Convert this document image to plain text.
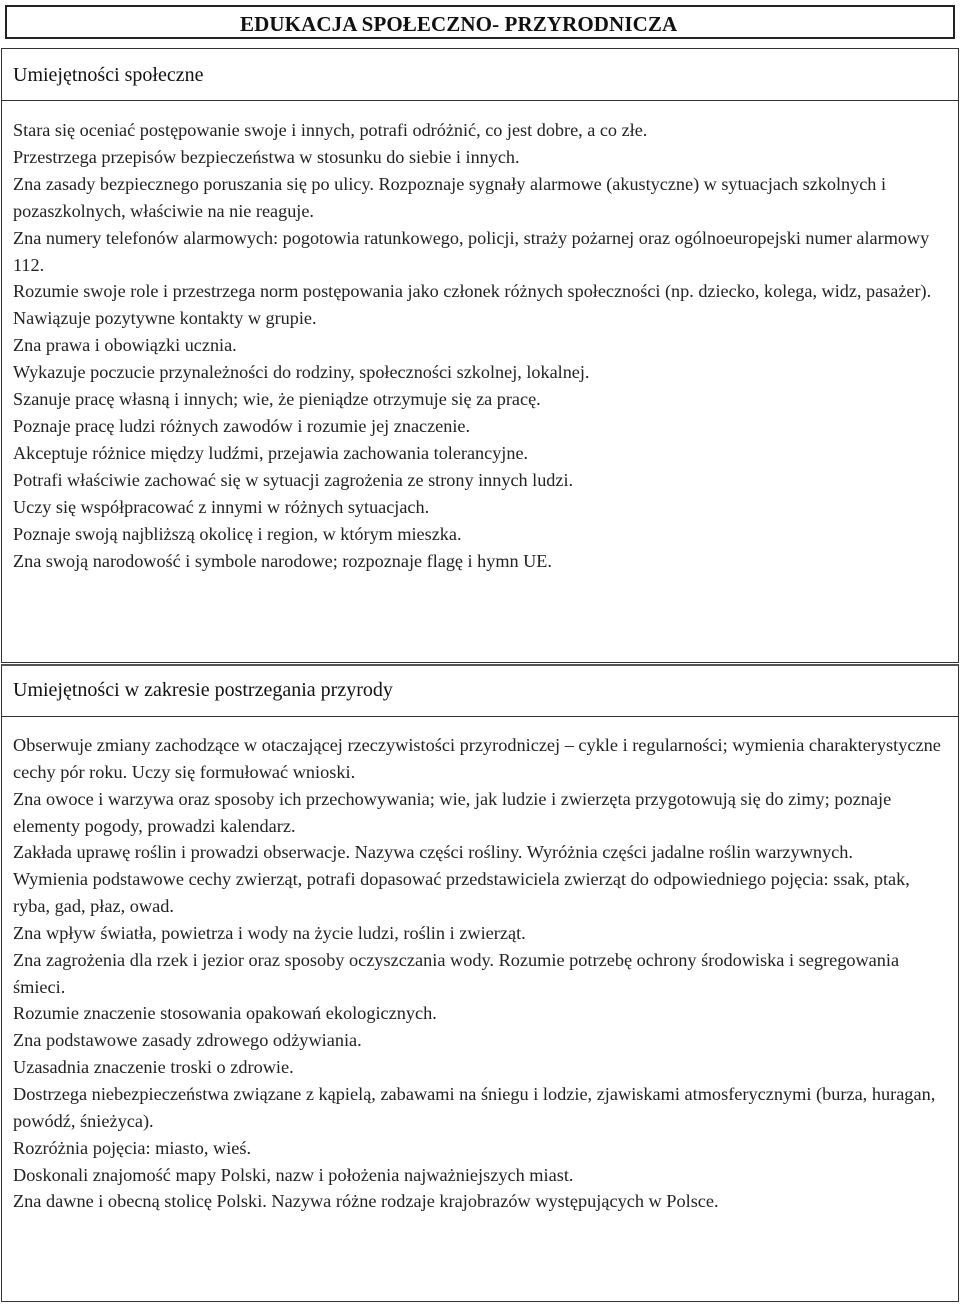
EDUKACJA SPOŁECZNO- PRZYRODNICZA
Umiejętności społeczne
Stara się oceniać postępowanie swoje i innych, potrafi odróżnić, co jest dobre, a co złe.
Przestrzega przepisów bezpieczeństwa w stosunku do siebie i innych.
Zna zasady bezpiecznego poruszania się po ulicy. Rozpoznaje sygnały alarmowe (akustyczne) w sytuacjach szkolnych i pozaszkolnych, właściwie na nie reaguje.
Zna numery telefonów alarmowych: pogotowia ratunkowego, policji, straży pożarnej oraz ogólnoeuropejski numer alarmowy 112.
Rozumie swoje role i przestrzega norm postępowania jako członek różnych społeczności (np. dziecko, kolega, widz, pasażer).
Nawiązuje pozytywne kontakty w grupie.
Zna prawa i obowiązki ucznia.
Wykazuje poczucie przynależności do rodziny, społeczności szkolnej, lokalnej.
Szanuje pracę własną i innych; wie, że pieniądze otrzymuje się za pracę.
Poznaje pracę ludzi różnych zawodów i rozumie jej znaczenie.
Akceptuje różnice między ludźmi, przejawia zachowania tolerancyjne.
Potrafi właściwie zachować się w sytuacji zagrożenia ze strony innych ludzi.
Uczy się współpracować z innymi w różnych sytuacjach.
Poznaje swoją najbliższą okolicę i region, w którym mieszka.
Zna swoją narodowość i symbole narodowe; rozpoznaje flagę i hymn UE.
Umiejętności w zakresie postrzegania przyrody
Obserwuje zmiany zachodzące w otaczającej rzeczywistości przyrodniczej – cykle i regularności; wymienia charakterystyczne cechy pór roku. Uczy się formułować wnioski.
Zna owoce i warzywa oraz sposoby ich przechowywania; wie, jak ludzie i zwierzęta przygotowują się do zimy; poznaje elementy pogody, prowadzi kalendarz.
Zakłada uprawę roślin i prowadzi obserwacje. Nazywa części rośliny. Wyróżnia części jadalne roślin warzywnych.
Wymienia podstawowe cechy zwierząt, potrafi dopasować przedstawiciela zwierząt do odpowiedniego pojęcia: ssak, ptak, ryba, gad, płaz, owad.
Zna wpływ światła, powietrza i wody na życie ludzi, roślin i zwierząt.
Zna zagrożenia dla rzek i jezior oraz sposoby oczyszczania wody. Rozumie potrzebę ochrony środowiska i segregowania śmieci.
Rozumie znaczenie stosowania opakowań ekologicznych.
Zna podstawowe zasady zdrowego odżywiania.
Uzasadnia znaczenie troski o zdrowie.
Dostrzega niebezpieczeństwa związane z kąpielą, zabawami na śniegu i lodzie, zjawiskami atmosferycznymi (burza, huragan, powódź, śnieżyca).
Rozróżnia pojęcia: miasto, wieś.
Doskonali znajomość mapy Polski, nazw i położenia najważniejszych miast.
Zna dawne i obecną stolicę Polski. Nazywa różne rodzaje krajobrazów występujących w Polsce.
